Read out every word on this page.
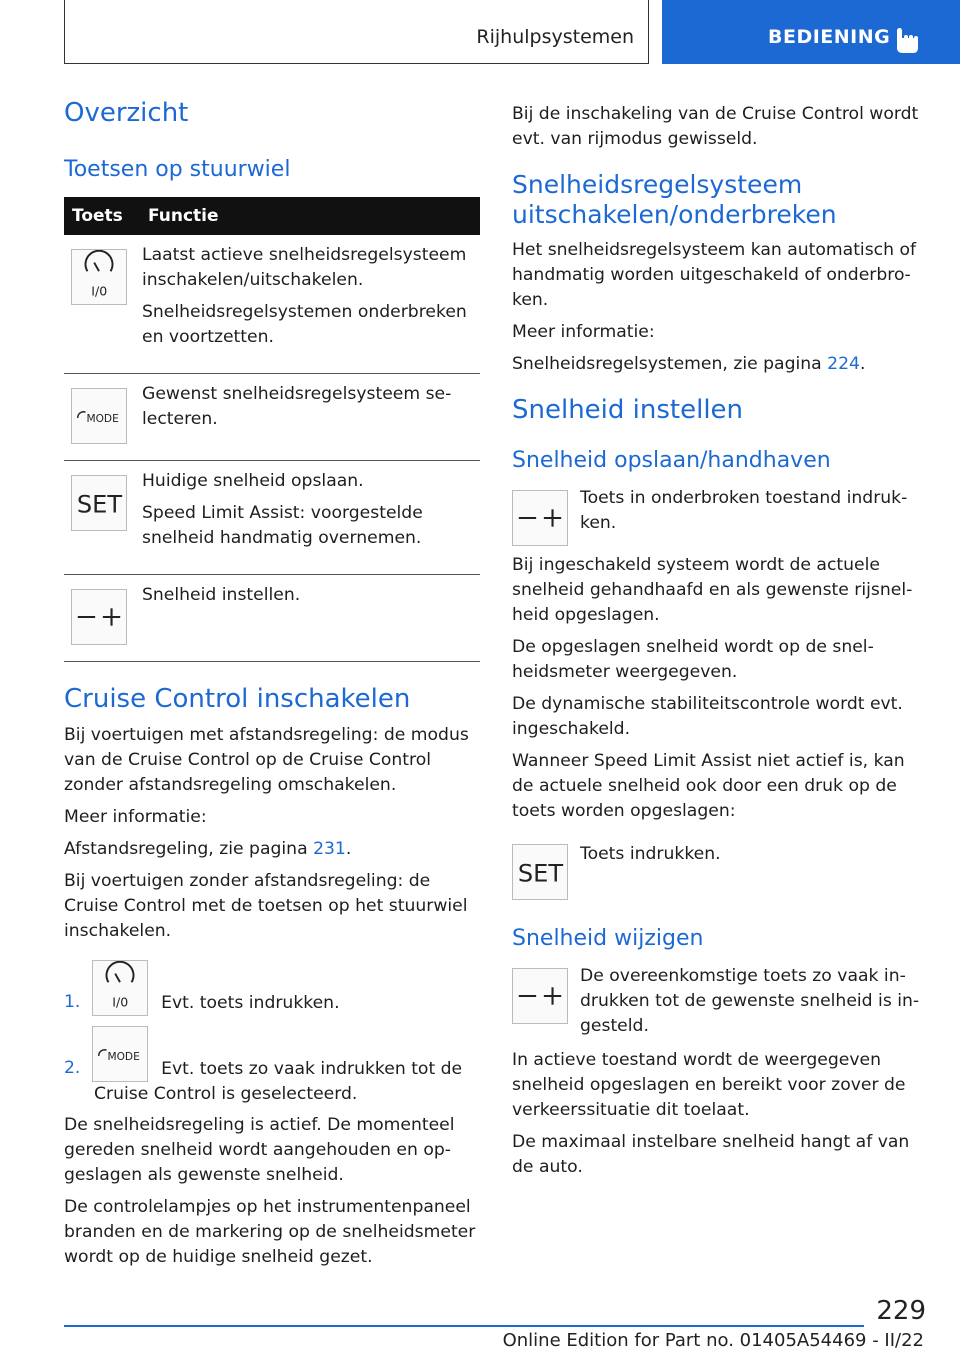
Rijhulpsystemen	BEDIENING
Overzicht
Toetsen op stuurwiel
Toets	Functie

I/0	Laatst actieve snelheidsregelsysteem inschakelen/uitschakelen.

Snelheidsregelsystemen onderbreken en voortzetten.

MODE	Gewenst snelheidsregelsysteem selecteren.

SET	Huidige snelheid opslaan.

Speed Limit Assist: voorgestelde snelheid handmatig overnemen.

Snelheid instellen.

Cruise Control inschakelen

Bij voertuigen met afstandsregeling: de modus van de Cruise Control op de Cruise Control zonder afstandsregeling omschakelen.

Meer informatie:

Afstandsregeling, zie pagina 231.

Bij voertuigen zonder afstandsregeling: de Cruise Control met de toetsen op het stuurwiel inschakelen.

1. I/0 Evt. toets indrukken.
2.
MODE
Evt. toets zo vaak indrukken tot de
Cruise Control is geselecteerd.

De snelheidsregeling is actief. De momenteel gereden snelheid wordt aangehouden en opgeslagen als gewenste snelheid.

De controlelampjes op het instrumentenpaneel branden en de markering op de snelheidsmeter wordt op de huidige snelheid gezet.

Bij de inschakeling van de Cruise Control wordt evt. van rijmodus gewisseld.

Snelheidsregelsysteem uitschakelen/onderbreken

Het snelheidsregelsysteem kan automatisch of handmatig worden uitgeschakeld of onderbroken.

Meer informatie:

Snelheidsregelsystemen, zie pagina 224.

Snelheid instellen
Snelheid opslaan/handhaven

Toets in onderbroken toestand indrukken.

Bij ingeschakeld systeem wordt de actuele snelheid gehandhaafd en als gewenste rijsnelheid opgeslagen.

De opgeslagen snelheid wordt op de snelheidsmeter weergegeven.

De dynamische stabiliteitscontrole wordt evt. ingeschakeld.

Wanneer Speed Limit Assist niet actief is, kan de actuele snelheid ook door een druk op de toets worden opgeslagen:

SET

Toets indrukken.

Snelheid wijzigen

De overeenkomstige toets zo vaak indrukken tot de gewenste snelheid is ingesteld.

In actieve toestand wordt de weergegeven snelheid opgeslagen en bereikt voor zover de verkeerssituatie dit toelaat.

De maximaal instelbare snelheid hangt af van de auto.

229
Online Edition for Part no. 01405A54469 - II/22
